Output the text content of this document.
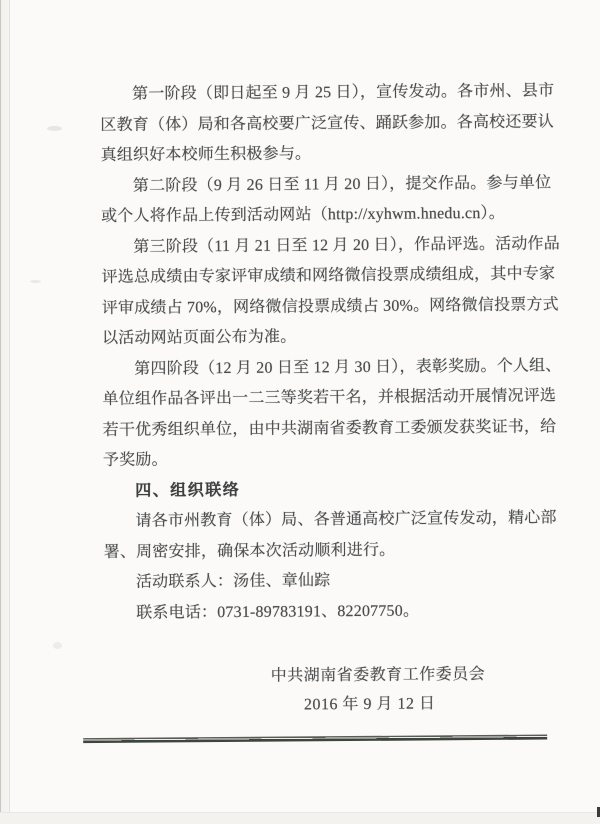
第一阶段（即日起至 9 月 25 日），宣传发动。各市州、县市
区教育（体）局和各高校要广泛宣传、踊跃参加。各高校还要认
真组织好本校师生积极参与。
第二阶段（9 月 26 日至 11 月 20 日），提交作品。参与单位
或个人将作品上传到活动网站（http://xyhwm.hnedu.cn）。
第三阶段（11 月 21 日至 12 月 20 日），作品评选。活动作品
评选总成绩由专家评审成绩和网络微信投票成绩组成，其中专家
评审成绩占 70%，网络微信投票成绩占 30%。网络微信投票方式
以活动网站页面公布为准。
第四阶段（12 月 20 日至 12 月 30 日），表彰奖励。个人组、
单位组作品各评出一二三等奖若干名，并根据活动开展情况评选
若干优秀组织单位，由中共湖南省委教育工委颁发获奖证书，给
予奖励。
四、组织联络
请各市州教育（体）局、各普通高校广泛宣传发动，精心部
署、周密安排，确保本次活动顺利进行。
活动联系人：汤佳、章仙踪
联系电话：0731-89783191、82207750。
中共湖南省委教育工作委员会
2016 年 9 月 12 日
